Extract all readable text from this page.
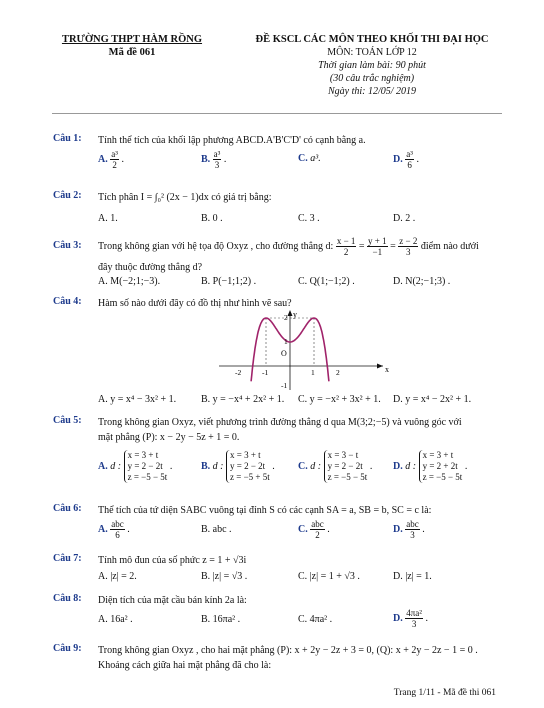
TRƯỜNG THPT HÀM RỒNG
Mã đề 061
ĐỀ KSCL CÁC MÔN THEO KHỐI THI ĐẠI HỌC
MÔN: TOÁN LỚP 12
Thời gian làm bài: 90 phút
(30 câu trắc nghiệm)
Ngày thi: 12/05/ 2019
Câu 1: Tính thể tích của khối lập phương ABCD.A'B'C'D' có cạnh bằng a.
A. $\frac{\text{a³}}{2}$ .	B. $\frac{\text{a³}}{3}$ .	C. a³.	D. $\frac{\text{a³}}{6}$ .
Câu 2: Tích phân I = ∫₀² (2x − 1)dx có giá trị bằng:
A. 1.	B. 0 .	C. 3 .	D. 2 .
Câu 3: Trong không gian với hệ tọa độ Oxyz , cho đường thẳng d: $\frac{x - 1}{2} = \frac{y + 1}{-1} = \frac{z - 2}{3}$ điểm nào dưới
đây thuộc đường thẳng d?
A. M(−2;1;−3).	B. P(−1;1;2) .	C. Q(1;−1;2) .	D. N(2;−1;3) .
Câu 4: Hàm số nào dưới đây có đồ thị như hình vẽ sau?
x
y
O
-2	-1	1	2
2
1
-1
A. y = x⁴ − 3x² + 1. B. y = −x⁴ + 2x² + 1. C. y = −x² + 3x² + 1. D. y = x⁴ − 2x² + 1.
Câu 5: Trong không gian Oxyz, viết phương trình đường thẳng d qua M(3;2;−5) và vuông góc với
mặt phẳng (P): x − 2y − 5z + 1 = 0.
A. d : x = 3 + t
y = 2 − 2t
z = −5 − 5t .	B. d : x = 3 + t
y = 2 − 2t
z = −5 + 5t . C. d : x = 3 − t
y = 2 − 2t
z = −5 − 5t . D. d : x = 3 + t
y = 2 + 2t
z = −5 − 5t .
Câu 6: Thể tích của tứ diện SABC vuông tại đỉnh S có các cạnh SA = a, SB = b, SC = c là:
A. $\frac{\text{abc}}{6}$ .	B. abc .	C. $\frac{\text{abc}}{2}$ .	D. $\frac{\text{abc}}{3}$ .
Câu 7: Tính mô đun của số phức z = 1 + √3i
A. |z| = 2.	B. |z| = √3 .	C. |z| = 1 + √3 .	D. |z| = 1.
Câu 8: Diện tích của mặt cầu bán kính 2a là:
A. 16a² .	B. 16πa² .	C. 4πa² .	D. $\frac{\text{4πa²}}{3}$ .
Câu 9: Trong không gian Oxyz , cho hai mặt phẳng (P): x + 2y − 2z + 3 = 0, (Q): x + 2y − 2z − 1 = 0 .
Khoảng cách giữa hai mặt phẳng đã cho là:
Trang 1/11 - Mã đề thi 061
